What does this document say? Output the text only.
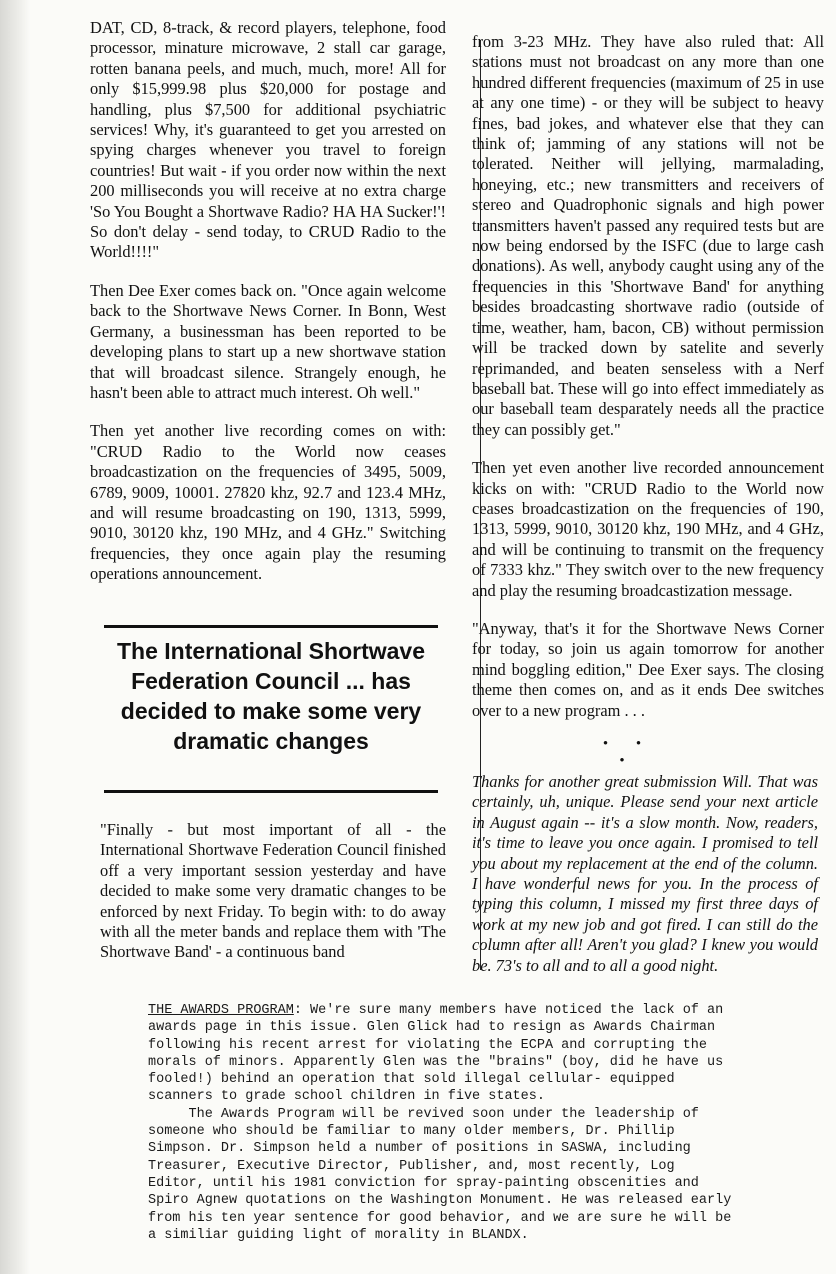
DAT, CD, 8-track, & record players, telephone, food processor, minature microwave, 2 stall car garage, rotten banana peels, and much, much, more! All for only $15,999.98 plus $20,000 for postage and handling, plus $7,500 for additional psychiatric services! Why, it's guaranteed to get you arrested on spying charges whenever you travel to foreign countries! But wait - if you order now within the next 200 milliseconds you will receive at no extra charge 'So You Bought a Shortwave Radio? HA HA Sucker!'! So don't delay - send today, to CRUD Radio to the World!!!!"

Then Dee Exer comes back on. "Once again welcome back to the Shortwave News Corner. In Bonn, West Germany, a businessman has been reported to be developing plans to start up a new shortwave station that will broadcast silence. Strangely enough, he hasn't been able to attract much interest. Oh well."

Then yet another live recording comes on with: "CRUD Radio to the World now ceases broadcastization on the frequencies of 3495, 5009, 6789, 9009, 10001. 27820 khz, 92.7 and 123.4 MHz, and will resume broadcasting on 190, 1313, 5999, 9010, 30120 khz, 190 MHz, and 4 GHz." Switching frequencies, they once again play the resuming operations announcement.

"Finally - but most important of all - the International Shortwave Federation Council finished off a very important session yesterday and have decided to make some very dramatic changes to be enforced by next Friday. To begin with: to do away with all the meter bands and replace them with 'The Shortwave Band' - a continuous band

The International Shortwave Federation Council ... has decided to make some very dramatic changes

from 3-23 MHz. They have also ruled that: All stations must not broadcast on any more than one hundred different frequencies (maximum of 25 in use at any one time) - or they will be subject to heavy fines, bad jokes, and whatever else that they can think of; jamming of any stations will not be tolerated. Neither will jellying, marmalading, honeying, etc.; new transmitters and receivers of stereo and Quadrophonic signals and high power transmitters haven't passed any required tests but are now being endorsed by the ISFC (due to large cash donations). As well, anybody caught using any of the frequencies in this 'Shortwave Band' for anything besides broadcasting shortwave radio (outside of time, weather, ham, bacon, CB) without permission will be tracked down by satelite and severly reprimanded, and beaten senseless with a Nerf baseball bat. These will go into effect immediately as our baseball team desparately needs all the practice they can possibly get."

Then yet even another live recorded announcement kicks on with: "CRUD Radio to the World now ceases broadcastization on the frequencies of 190, 1313, 5999, 9010, 30120 khz, 190 MHz, and 4 GHz, and will be continuing to transmit on the frequency of 7333 khz." They switch over to the new frequency and play the resuming broadcastization message.

"Anyway, that's it for the Shortwave News Corner for today, so join us again tomorrow for another mind boggling edition," Dee Exer says. The closing theme then comes on, and as it ends Dee switches over to a new program . . .

Thanks for another great submission Will. That was certainly, uh, unique. Please send your next article in August again -- it's a slow month. Now, readers, it's time to leave you once again. I promised to tell you about my replacement at the end of the column. I have wonderful news for you. In the process of typing this column, I missed my first three days of work at my new job and got fired. I can still do the column after all! Aren't you glad? I knew you would be. 73's to all and to all a good night.

• • •
THE AWARDS PROGRAM: We're sure many members have noticed the lack of an
awards page in this issue. Glen Glick had to resign as Awards Chairman
following his recent arrest for violating the ECPA and corrupting the
morals of minors. Apparently Glen was the "brains" (boy, did he have us
fooled!) behind an operation that sold illegal cellular- equipped
scanners to grade school children in five states.
The Awards Program will be revived soon under the leadership of
someone who should be familiar to many older members, Dr. Phillip
Simpson. Dr. Simpson held a number of positions in SASWA, including
Treasurer, Executive Director, Publisher, and, most recently, Log
Editor, until his 1981 conviction for spray-painting obscenities and
Spiro Agnew quotations on the Washington Monument. He was released early
from his ten year sentence for good behavior, and we are sure he will be
a similiar guiding light of morality in BLANDX.
